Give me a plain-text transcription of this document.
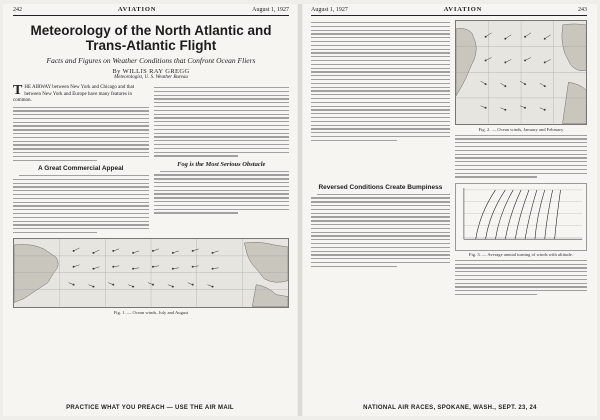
242	AVIATION	August 1, 1927
Meteorology of the North Atlantic and
Trans-Atlantic Flight
Facts and Figures on Weather Conditions that Confront Ocean Fliers
By WILLIS RAY GREGG
Meteorologist, U. S. Weather Bureau
T HE AIRWAY between New York and Chicago and that between New York and Europe have many features in common.
A Great Commercial Appeal
Fog is the Most Serious Obstacle
Fig. 1. — Ocean winds, July and August
PRACTICE WHAT YOU PREACH — USE THE AIR MAIL
August 1, 1927	AVIATION	243
Fig. 2. — Ocean winds, January and February
Reversed Conditions Create Bumpiness
Fig. 3. — Average annual turning of winds with altitude.
NATIONAL AIR RACES, SPOKANE, WASH., SEPT. 23, 24
